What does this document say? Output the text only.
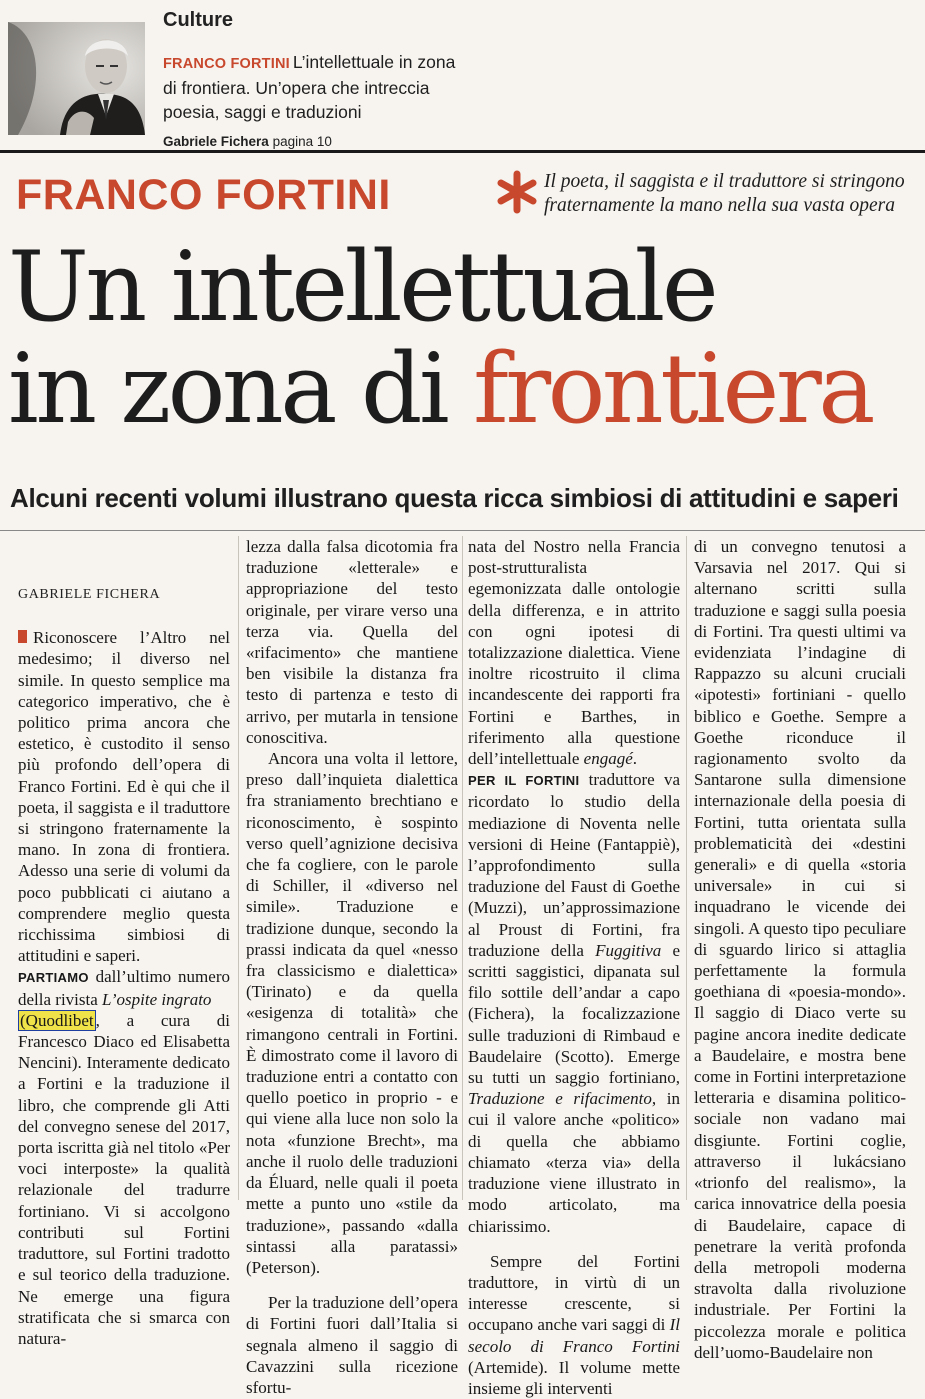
Culture
FRANCO FORTINI L’intellettuale in zona di frontiera. Un’opera che intreccia poesia, saggi e traduzioni
Gabriele Fichera pagina 10
FRANCO FORTINI	Il poeta, il saggista e il traduttore si stringono fraternamente la mano nella sua vasta opera
Un intellettuale
in zona di frontiera
Alcuni recenti volumi illustrano questa ricca simbiosi di attitudini e saperi
GABRIELE FICHERA

Riconoscere l’Altro nel medesimo; il diverso nel simile. In questo semplice ma categorico imperativo, che è politico prima ancora che estetico, è custodito il senso più profondo dell’opera di Franco Fortini. Ed è qui che il poeta, il saggista e il traduttore si stringono fraternamente la mano. In zona di frontiera. Adesso una serie di volumi da poco pubblicati ci aiutano a comprendere meglio questa ricchissima simbiosi di attitudini e saperi.

PARTIAMO dall’ultimo numero della rivista L’ospite ingrato
(Quodlibet , a cura di Francesco Diaco ed Elisabetta Nencini). Interamente dedicato a Fortini e la traduzione il libro, che comprende gli Atti del convegno senese del 2017, porta iscritta già nel titolo «Per voci interposte» la qualità relazionale del tradurre fortiniano. Vi si accolgono contributi sul Fortini traduttore, sul Fortini tradotto e sul teorico della traduzione. Ne emerge una figura stratificata che si smarca con natura-

lezza dalla falsa dicotomia fra traduzione «letterale» e appropriazione del testo originale, per virare verso una terza via. Quella del «rifacimento» che mantiene ben visibile la distanza fra testo di partenza e testo di arrivo, per mutarla in tensione conoscitiva.

Ancora una volta il lettore, preso dall’inquieta dialettica fra straniamento brechtiano e riconoscimento, è sospinto verso quell’agnizione decisiva che fa cogliere, con le parole di Schiller, il «diverso nel simile». Traduzione e tradizione dunque, secondo la prassi indicata da quel «nesso fra classicismo e dialettica» (Tirinato) e da quella «esigenza di totalità» che rimangono centrali in Fortini. È dimostrato come il lavoro di traduzione entri a contatto con quello poetico in proprio - e qui viene alla luce non solo la nota «funzione Brecht», ma anche il ruolo delle traduzioni da Éluard, nelle quali il poeta mette a punto uno «stile da traduzione», passando «dalla sintassi alla paratassi» (Peterson).

Per la traduzione dell’opera di Fortini fuori dall’Italia si segnala almeno il saggio di Cavazzini sulla ricezione sfortu-

nata del Nostro nella Francia post-strutturalista egemonizzata dalle ontologie della differenza, e in attrito con ogni ipotesi di totalizzazione dialettica. Viene inoltre ricostruito il clima incandescente dei rapporti fra Fortini e Barthes, in riferimento alla questione dell’intellettuale engagé.

PER IL FORTINI traduttore va ricordato lo studio della mediazione di Noventa nelle versioni di Heine (Fantappiè), l’approfondimento sulla traduzione del Faust di Goethe (Muzzi), un’approssimazione al Proust di Fortini, fra traduzione della Fuggitiva e scritti saggistici, dipanata sul filo sottile dell’andar a capo (Fichera), la focalizzazione sulle traduzioni di Rimbaud e Baudelaire (Scotto). Emerge su tutti un saggio fortiniano, Traduzione e rifacimento, in cui il valore anche «politico» di quella che abbiamo chiamato «terza via» della traduzione viene illustrato in modo articolato, ma chiarissimo.

Sempre del Fortini traduttore, in virtù di un interesse crescente, si occupano anche vari saggi di Il secolo di Franco Fortini (Artemide). Il volume mette insieme gli interventi

di un convegno tenutosi a Varsavia nel 2017. Qui si alternano scritti sulla traduzione e saggi sulla poesia di Fortini. Tra questi ultimi va evidenziata l’indagine di Rappazzo su alcuni cruciali «ipotesti» fortiniani - quello biblico e Goethe. Sempre a Goethe riconduce il ragionamento svolto da Santarone sulla dimensione internazionale della poesia di Fortini, tutta orientata sulla problematicità dei «destini generali» e di quella «storia universale» in cui si inquadrano le vicende dei singoli. A questo tipo peculiare di sguardo lirico si attaglia perfettamente la formula goethiana di «poesia-mondo». Il saggio di Diaco verte su pagine ancora inedite dedicate a Baudelaire, e mostra bene come in Fortini interpretazione letteraria e disamina politico-sociale non vadano mai disgiunte. Fortini coglie, attraverso il lukácsiano «trionfo del realismo», la carica innovatrice della poesia di Baudelaire, capace di penetrare la verità profonda della metropoli moderna stravolta dalla rivoluzione industriale. Per Fortini la piccolezza morale e politica dell’uomo-Baudelaire non
